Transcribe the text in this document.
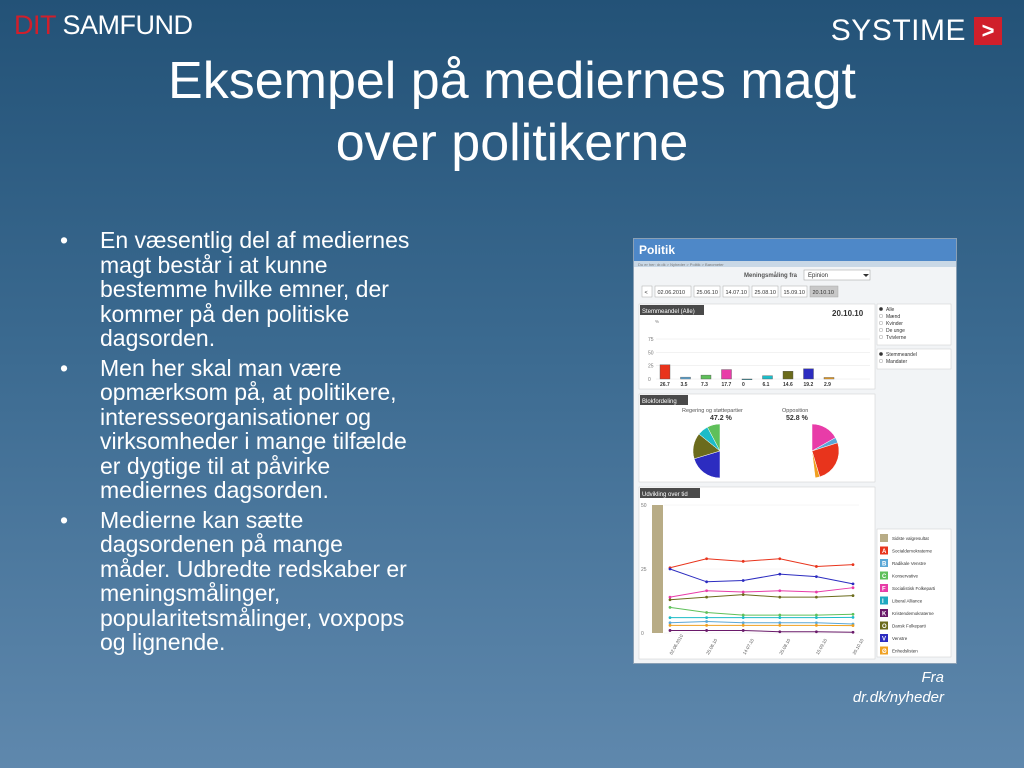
DIT SAMFUND	SYSTIME >
Eksempel på mediernes magt
over politikerne
• En væsentlig del af mediernes
magt består i at kunne
bestemme hvilke emner, der
kommer på den politiske
dagsorden.
• Men her skal man være
opmærksom på, at politikere,
interesseorganisationer og
virksomheder i mange tilfælde
er dygtige til at påvirke
mediernes dagsorden.
• Medierne kan sætte
dagsordenen på mange
måder. Udbredte redskaber er
meningsmålinger,
popularitetsmålinger, voxpops
og lignende.
Politik
Du er her: dr.dk > Nyheder > Politik > Barometer
Meningsmåling fra Epinion
< 02.06.2010 25.06.10 14.07.10 25.08.10 15.09.10 20.10.10
Stemmeandel (Alle)	20.10.10
%
75
50
25
0
26.7 3.5	7.3	17.7 0	6.1	14.6 19.2 2.9
Alle
Mænd
Kvinder
De unge
Tvivlerne
Stemmeandel
Mandater
Blokfordeling
Regering og støttepartier
47.2 %
Opposition
52.8 %
Udvikling over tid
50
25
0	02.06.2010	25.06.10	14.07.10	25.08.10	15.09.10	20.10.10
Sidste valgresultat
A Socialdemokraterne
B Radikale Venstre
C Konservative
F Socialistisk Folkeparti
I Liberal Alliance
K Kristendemokraterne
O Dansk Folkeparti
V Venstre
Ø Enhedslisten
Fra
dr.dk/nyheder
